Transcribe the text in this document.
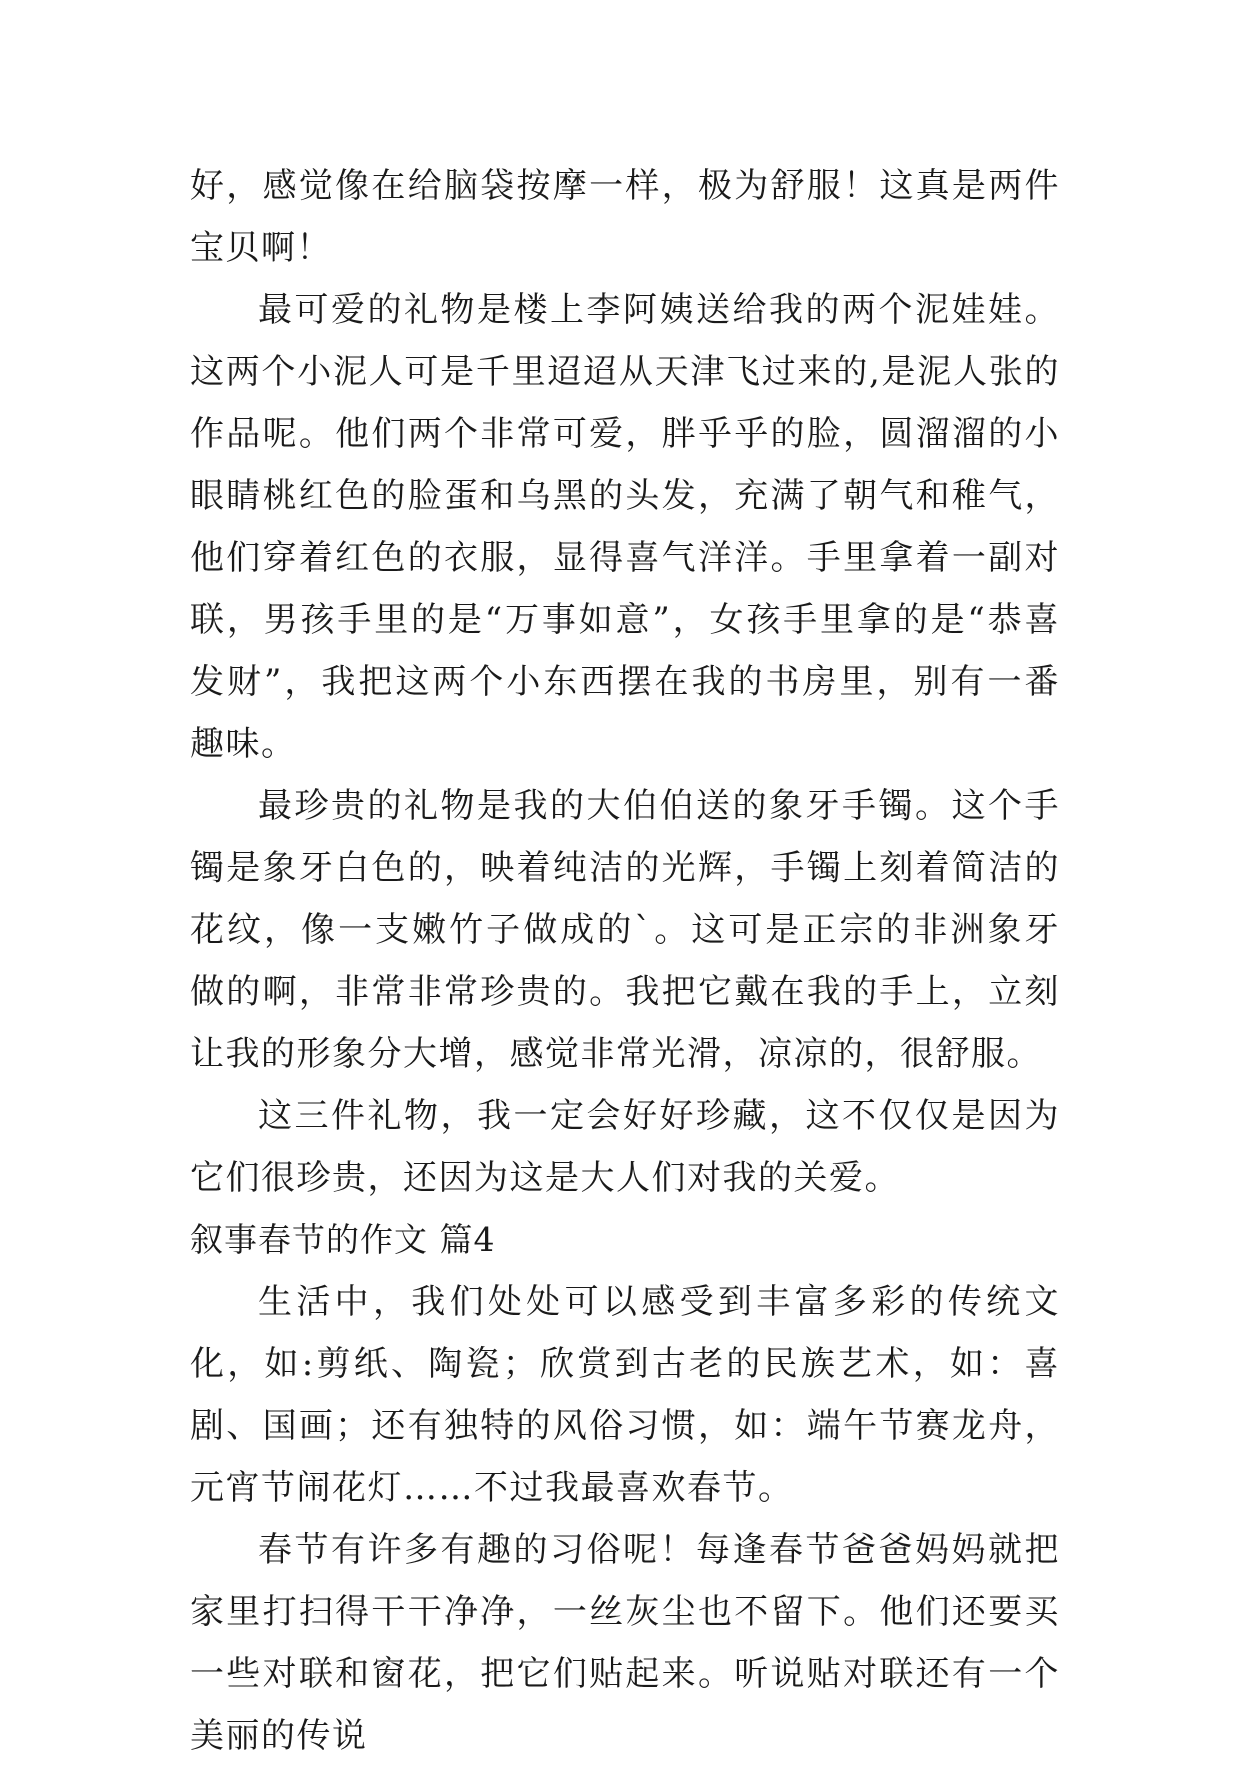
好，感觉像在给脑袋按摩一样，极为舒服！这真是两件宝贝啊！

最可爱的礼物是楼上李阿姨送给我的两个泥娃娃。这两个小泥人可是千里迢迢从天津飞过来的,是泥人张的作品呢。他们两个非常可爱，胖乎乎的脸，圆溜溜的小眼睛桃红色的脸蛋和乌黑的头发，充满了朝气和稚气，他们穿着红色的衣服，显得喜气洋洋。手里拿着一副对联，男孩手里的是“万事如意”，女孩手里拿的是“恭喜发财”，我把这两个小东西摆在我的书房里，别有一番趣味。

最珍贵的礼物是我的大伯伯送的象牙手镯。这个手镯是象牙白色的，映着纯洁的光辉，手镯上刻着简洁的花纹，像一支嫩竹子做成的`。这可是正宗的非洲象牙做的啊，非常非常珍贵的。我把它戴在我的手上，立刻让我的形象分大增，感觉非常光滑，凉凉的，很舒服。

这三件礼物，我一定会好好珍藏，这不仅仅是因为它们很珍贵，还因为这是大人们对我的关爱。

叙事春节的作文 篇4

生活中，我们处处可以感受到丰富多彩的传统文化，如:剪纸、陶瓷；欣赏到古老的民族艺术，如：喜剧、国画；还有独特的风俗习惯，如：端午节赛龙舟，元宵节闹花灯……不过我最喜欢春节。

春节有许多有趣的习俗呢！每逢春节爸爸妈妈就把家里打扫得干干净净，一丝灰尘也不留下。他们还要买一些对联和窗花，把它们贴起来。听说贴对联还有一个美丽的传说
